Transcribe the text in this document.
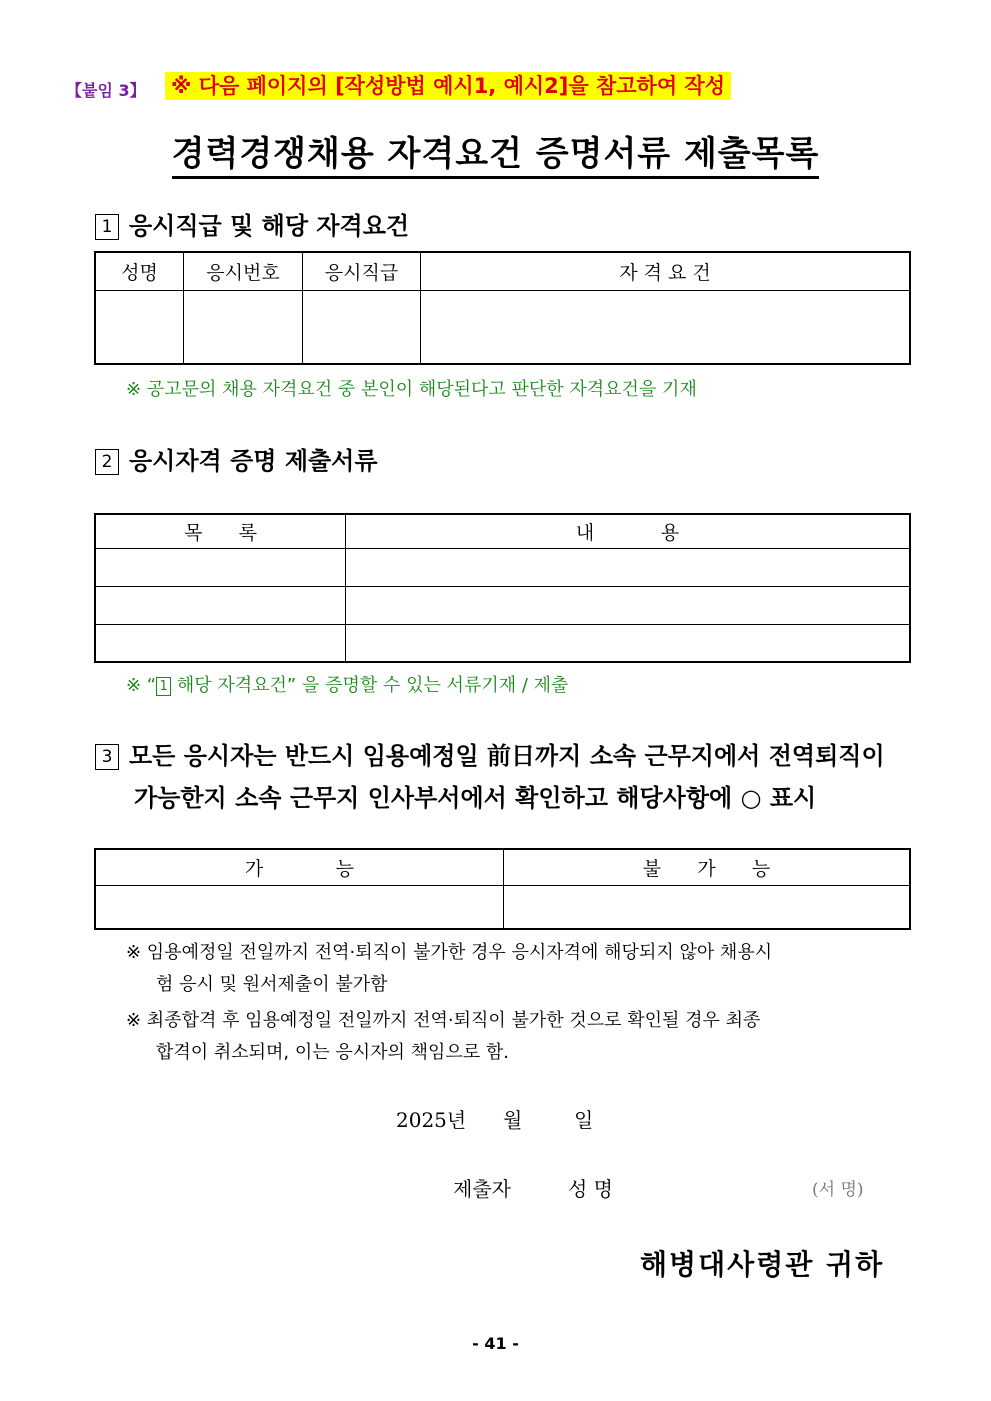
【붙임 3】 ※ 다음 페이지의 [작성방법 예시1, 예시2]을 참고하여 작성
경력경쟁채용 자격요건 증명서류 제출목록
1 응시직급 및 해당 자격요건
성명	응시번호	응시직급	자 격 요 건

※ 공고문의 채용 자격요건 중 본인이 해당된다고 판단한 자격요건을 기재
2 응시자격 증명 제출서류
목      록	내           용

※ “ 1 해당 자격요건” 을 증명할 수 있는 서류기재 / 제출
3 모든 응시자는 반드시 임용예정일 前日까지 소속 근무지에서 전역퇴직이
가능한지 소속 근무지 인사부서에서 확인하고 해당사항에 ○ 표시
가            능	불      가      능

※ 임용예정일 전일까지 전역·퇴직이 불가한 경우 응시자격에 해당되지 않아 채용시
험 응시 및 원서제출이 불가함
※ 최종합격 후 임용예정일 전일까지 전역·퇴직이 불가한 것으로 확인될 경우 최종
합격이 취소되며, 이는 응시자의 책임으로 함.
2025년 월	일
제출자	성 명	(서 명)
해병대사령관 귀하
- 41 -
